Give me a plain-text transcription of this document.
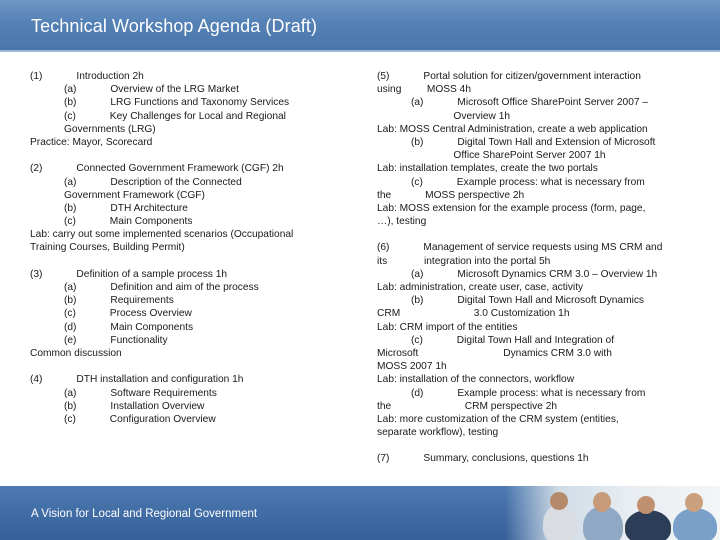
Technical Workshop Agenda (Draft)
(1)            Introduction 2h
(a)            Overview of the LRG Market
(b)            LRG Functions and Taxonomy Services
(c)            Key Challenges for Local and Regional
Governments (LRG)
Practice: Mayor, Scorecard
(2)            Connected Government Framework (CGF) 2h
(a)            Description of the Connected
Government Framework (CGF)
(b)            DTH Architecture
(c)            Main Components
Lab: carry out some implemented scenarios (Occupational
Training Courses, Building Permit)
(3)            Definition of a sample process 1h
(a)            Definition and aim of the process
(b)            Requirements
(c)            Process Overview
(d)            Main Components
(e)            Functionality
Common discussion
(4)            DTH installation and configuration 1h
(a)            Software Requirements
(b)            Installation Overview
(c)            Configuration Overview
(5)            Portal solution for citizen/government interaction
using         MOSS 4h
(a)            Microsoft Office SharePoint Server 2007 –
Overview 1h
Lab: MOSS Central Administration, create a web application
(b)            Digital Town Hall and Extension of Microsoft
Office SharePoint Server 2007 1h
Lab: installation templates, create the two portals
(c)            Example process: what is necessary from
the            MOSS perspective 2h
Lab: MOSS extension for the example process (form, page,
…), testing
(6)            Management of service requests using MS CRM and
its             integration into the portal 5h
(a)            Microsoft Dynamics CRM 3.0 – Overview 1h
Lab: administration, create user, case, activity
(b)            Digital Town Hall and Microsoft Dynamics
CRM                          3.0 Customization 1h
Lab: CRM import of the entities
(c)            Digital Town Hall and Integration of
Microsoft                              Dynamics CRM 3.0 with
MOSS 2007 1h
Lab: installation of the connectors, workflow
(d)            Example process: what is necessary from
the                          CRM perspective 2h
Lab: more customization of the CRM system (entities,
separate workflow), testing
(7)            Summary, conclusions, questions 1h
A Vision for Local and Regional Government
